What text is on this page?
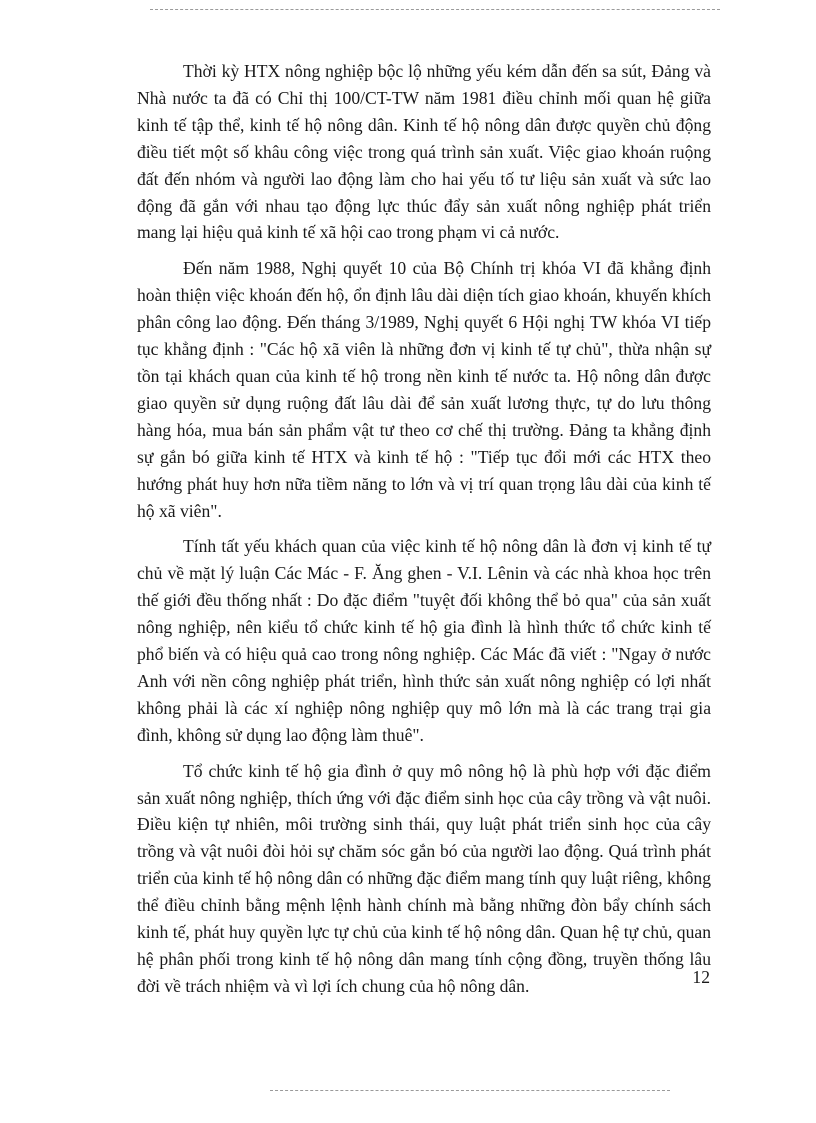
Thời kỳ HTX nông nghiệp bộc lộ những yếu kém dẫn đến sa sút, Đảng và Nhà nước ta đã có Chỉ thị 100/CT-TW năm 1981 điều chỉnh mối quan hệ giữa kinh tế tập thể, kinh tế hộ nông dân. Kinh tế hộ nông dân được quyền chủ động điều tiết một số khâu công việc trong quá trình sản xuất. Việc giao khoán ruộng đất đến nhóm và người lao động làm cho hai yếu tố tư liệu sản xuất và sức lao động đã gắn với nhau tạo động lực thúc đẩy sản xuất nông nghiệp phát triển mang lại hiệu quả kinh tế xã hội cao trong phạm vi cả nước.

Đến năm 1988, Nghị quyết 10 của Bộ Chính trị khóa VI đã khẳng định hoàn thiện việc khoán đến hộ, ổn định lâu dài diện tích giao khoán, khuyến khích phân công lao động. Đến tháng 3/1989, Nghị quyết 6 Hội nghị TW khóa VI tiếp tục khẳng định : "Các hộ xã viên là những đơn vị kinh tế tự chủ", thừa nhận sự tồn tại khách quan của kinh tế hộ trong nền kinh tế nước ta. Hộ nông dân được giao quyền sử dụng ruộng đất lâu dài để sản xuất lương thực, tự do lưu thông hàng hóa, mua bán sản phẩm vật tư theo cơ chế thị trường. Đảng ta khẳng định sự gắn bó giữa kinh tế HTX và kinh tế hộ : "Tiếp tục đổi mới các HTX theo hướng phát huy hơn nữa tiềm năng to lớn và vị trí quan trọng lâu dài của kinh tế hộ xã viên".

Tính tất yếu khách quan của việc kinh tế hộ nông dân là đơn vị kinh tế tự chủ về mặt lý luận Các Mác - F. Ăng ghen - V.I. Lênin và các nhà khoa học trên thế giới đều thống nhất : Do đặc điểm "tuyệt đối không thể bỏ qua" của sản xuất nông nghiệp, nên kiểu tổ chức kinh tế hộ gia đình là hình thức tổ chức kinh tế phổ biến và có hiệu quả cao trong nông nghiệp. Các Mác đã viết : "Ngay ở nước Anh với nền công nghiệp phát triển, hình thức sản xuất nông nghiệp có lợi nhất không phải là các xí nghiệp nông nghiệp quy mô lớn mà là các trang trại gia đình, không sử dụng lao động làm thuê".

Tổ chức kinh tế hộ gia đình ở quy mô nông hộ là phù hợp với đặc điểm sản xuất nông nghiệp, thích ứng với đặc điểm sinh học của cây trồng và vật nuôi. Điều kiện tự nhiên, môi trường sinh thái, quy luật phát triển sinh học của cây trồng và vật nuôi đòi hỏi sự chăm sóc gắn bó của người lao động. Quá trình phát triển của kinh tế hộ nông dân có những đặc điểm mang tính quy luật riêng, không thể điều chỉnh bằng mệnh lệnh hành chính mà bằng những đòn bẩy chính sách kinh tế, phát huy quyền lực tự chủ của kinh tế hộ nông dân. Quan hệ tự chủ, quan hệ phân phối trong kinh tế hộ nông dân mang tính cộng đồng, truyền thống lâu đời về trách nhiệm và vì lợi ích chung của hộ nông dân.	12
